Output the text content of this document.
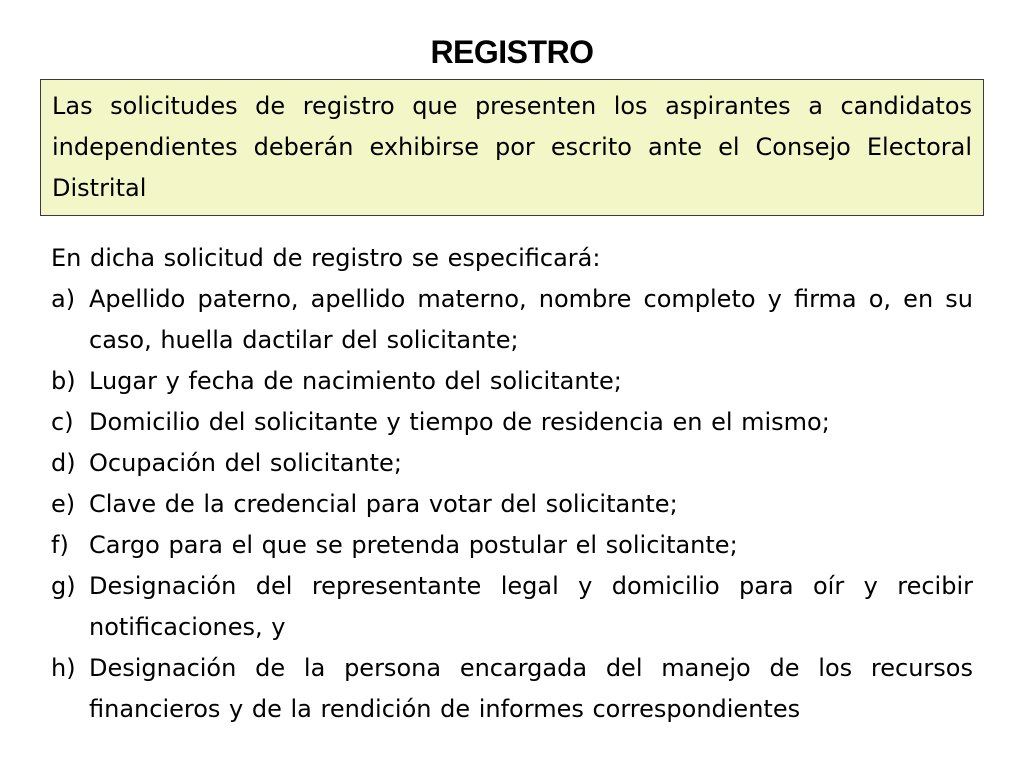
REGISTRO
Las solicitudes de registro que presenten los aspirantes a candidatos independientes deberán exhibirse por escrito ante el Consejo Electoral Distrital
En dicha solicitud de registro se especificará:
a) Apellido paterno, apellido materno, nombre completo y firma o, en su caso, huella dactilar del solicitante;
b) Lugar y fecha de nacimiento del solicitante;
c) Domicilio del solicitante y tiempo de residencia en el mismo;
d) Ocupación del solicitante;
e) Clave de la credencial para votar del solicitante;
f) Cargo para el que se pretenda postular el solicitante;
g) Designación del representante legal y domicilio para oír y recibir notificaciones, y
h) Designación de la persona encargada del manejo de los recursos financieros y de la rendición de informes correspondientes
